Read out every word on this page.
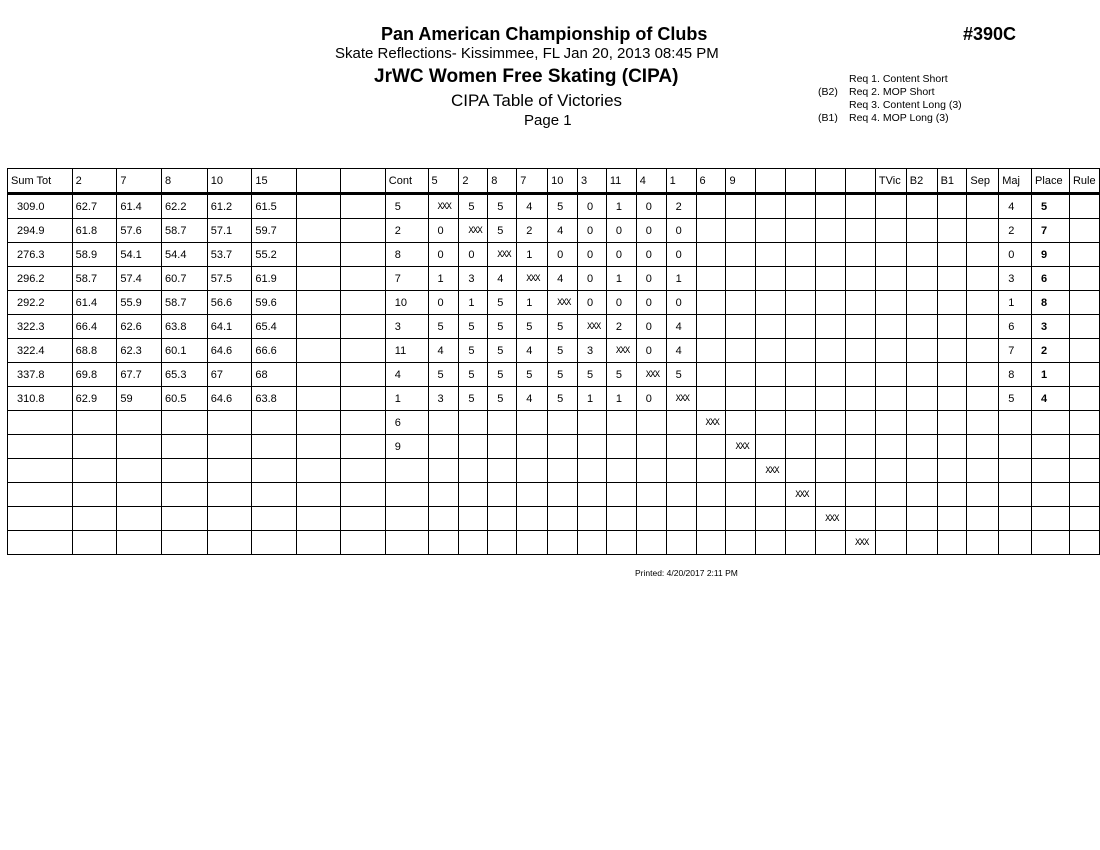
Pan American Championship of Clubs
Skate Reflections- Kissimmee, FL Jan 20, 2013 08:45 PM
JrWC Women Free Skating (CIPA)
CIPA Table of Victories
Page 1
#390C
Req 1. Content Short
(B2) Req 2. MOP Short
Req 3. Content Long (3)
(B1) Req 4. MOP Long (3)
Sum Tot	2	7	8	10	15			Cont	5	2	8	7	10	3	11	4	1	6	9					TVic	B2	B1	Sep	Maj	Place	Rule
309.0	62.7	61.4	62.2	61.2	61.5			5	XXX	5	5	4	5	0	1	0	2											4	5	
294.9	61.8	57.6	58.7	57.1	59.7			2	0	XXX	5	2	4	0	0	0	0											2	7	
276.3	58.9	54.1	54.4	53.7	55.2			8	0	0	XXX	1	0	0	0	0	0											0	9	
296.2	58.7	57.4	60.7	57.5	61.9			7	1	3	4	XXX	4	0	1	0	1											3	6	
292.2	61.4	55.9	58.7	56.6	59.6			10	0	1	5	1	XXX	0	0	0	0											1	8	
322.3	66.4	62.6	63.8	64.1	65.4			3	5	5	5	5	5	XXX	2	0	4											6	3	
322.4	68.8	62.3	60.1	64.6	66.6			11	4	5	5	4	5	3	XXX	0	4											7	2	
337.8	69.8	67.7	65.3	67	68			4	5	5	5	5	5	5	5	XXX	5											8	1	
310.8	62.9	59	60.5	64.6	63.8			1	3	5	5	4	5	1	1	0	XXX											5	4	
								6										XXX												
								9											XXX											
																				XXX										
																					XXX									
																						XXX								
																							XXX							
Printed: 4/20/2017 2:11 PM
